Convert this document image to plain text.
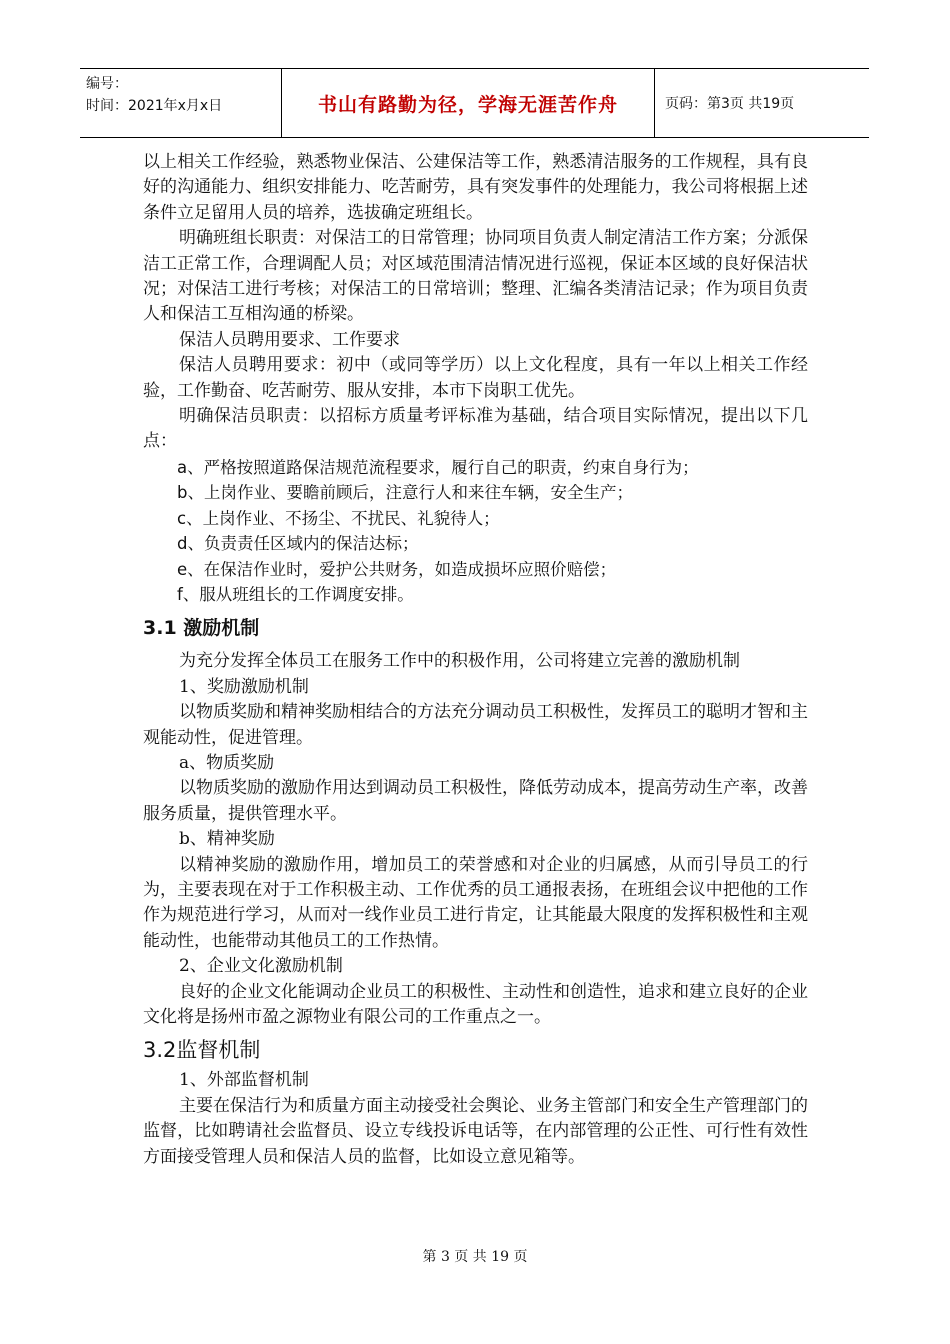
编号：
时间：2021年x月x日	书山有路勤为径，学海无涯苦作舟	页码：第3页 共19页

以上相关工作经验，熟悉物业保洁、公建保洁等工作，熟悉清洁服务的工作规程，具有良好的沟通能力、组织安排能力、吃苦耐劳，具有突发事件的处理能力，我公司将根据上述条件立足留用人员的培养，选拔确定班组长。

明确班组长职责：对保洁工的日常管理；协同项目负责人制定清洁工作方案；分派保洁工正常工作，合理调配人员；对区域范围清洁情况进行巡视，保证本区域的良好保洁状况；对保洁工进行考核；对保洁工的日常培训；整理、汇编各类清洁记录；作为项目负责人和保洁工互相沟通的桥梁。

保洁人员聘用要求、工作要求

保洁人员聘用要求：初中（或同等学历）以上文化程度，具有一年以上相关工作经验，工作勤奋、吃苦耐劳、服从安排，本市下岗职工优先。

明确保洁员职责：以招标方质量考评标准为基础，结合项目实际情况，提出以下几点：

a、严格按照道路保洁规范流程要求，履行自己的职责，约束自身行为；

b、上岗作业、要瞻前顾后，注意行人和来往车辆，安全生产；

c、上岗作业、不扬尘、不扰民、礼貌待人；

d、负责责任区域内的保洁达标；

e、在保洁作业时，爱护公共财务，如造成损坏应照价赔偿；

f、服从班组长的工作调度安排。

3.1 激励机制

为充分发挥全体员工在服务工作中的积极作用，公司将建立完善的激励机制

1、奖励激励机制

以物质奖励和精神奖励相结合的方法充分调动员工积极性，发挥员工的聪明才智和主观能动性，促进管理。

a、物质奖励

以物质奖励的激励作用达到调动员工积极性，降低劳动成本，提高劳动生产率，改善服务质量，提供管理水平。

b、精神奖励

以精神奖励的激励作用，增加员工的荣誉感和对企业的归属感，从而引导员工的行为，主要表现在对于工作积极主动、工作优秀的员工通报表扬，在班组会议中把他的工作作为规范进行学习，从而对一线作业员工进行肯定，让其能最大限度的发挥积极性和主观能动性，也能带动其他员工的工作热情。

2、企业文化激励机制

良好的企业文化能调动企业员工的积极性、主动性和创造性，追求和建立良好的企业文化将是扬州市盈之源物业有限公司的工作重点之一。

3.2监督机制

1、外部监督机制

主要在保洁行为和质量方面主动接受社会舆论、业务主管部门和安全生产管理部门的监督，比如聘请社会监督员、设立专线投诉电话等，在内部管理的公正性、可行性有效性方面接受管理人员和保洁人员的监督，比如设立意见箱等。

第 3 页 共 19 页
